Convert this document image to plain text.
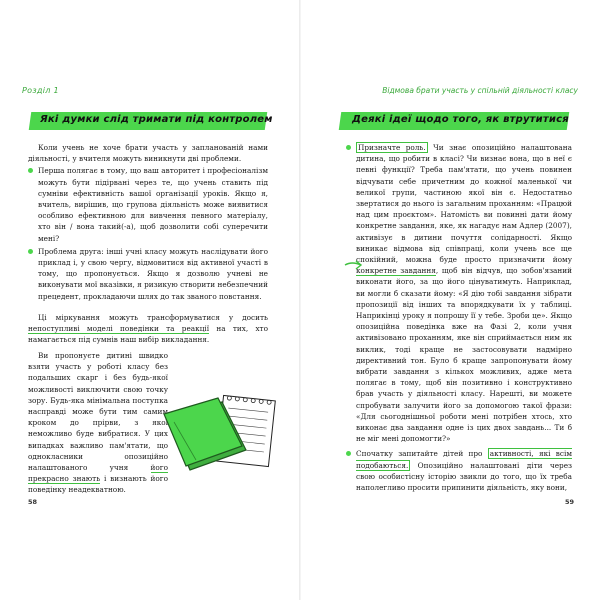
Розділ 1
Які думки слід тримати під контролем

Коли учень не хоче брати участь у запланованій нами діяльності, у вчителя можуть виникнути дві проблеми.

Перша полягає в тому, що ваш авторитет і професіоналізм можуть бути підірвані через те, що учень ставить під сумніви ефективність вашої організації уроків. Якщо я, вчитель, вирішив, що групова діяльність може виявитися особливо ефективною для вивчення певного матеріалу, хто він / вона такий(-а), щоб дозволити собі суперечити мені?

Проблема друга: інші учні класу можуть наслідувати його приклад і, у свою чергу, відмовитися від активної участі в тому, що пропонується. Якщо я дозволю учневі не виконувати мої вказівки, я ризикую створити небезпечний прецедент, прокладаючи шлях до так званого повстання.

Ці міркування можуть трансформуватися у досить непоступливі моделі поведінки та реакції на тих, хто намагається під сумнів наш вибір викладання.

Ви пропонуєте дитині швидко взяти участь у роботі класу без подальших скарг і без будь-якої можливості виключити свою точку зору. Будь-яка мінімальна поступка насправді може бути тим самим кроком до прірви, з якої неможливо буде вибратися. У цих випадках важливо пам'ятати, що однокласники опозиційно налаштованого учня його прекрасно знають і визнають його поведінку неадекватною.

58
Відмова брати участь у спільній діяльності класу
Деякі ідеї щодо того, як втрутитися

Призначте роль. Чи знає опозиційно налаштована дитина, що робити в класі? Чи визнає вона, що в неї є певні функції? Треба пам'ятати, що учень повинен відчувати себе причетним до кожної маленької чи великої групи, частиною якої він є. Недостатньо звертатися до нього із загальним проханням: «Працюй над цим проєктом». Натомість ви повинні дати йому конкретне завдання, яке, як нагадує нам Адлер (2007), активізує в дитини почуття солідарності. Якщо виникає відмова від співпраці, коли учень все ще спокійний, можна буде просто призначити йому конкретне завдання, щоб він відчув, що зобов'язаний виконати його, за що його цінуватимуть. Наприклад, ви могли б сказати йому: «Я дію тобі завдання зібрати пропозиції від інших та впорядкувати їх у таблиці. Наприкінці уроку я попрошу її у тебе. Зроби це». Якщо опозиційна поведінка вже на Фазі 2, коли учня активізовано проханням, яке він сприймається ним як виклик, тоді краще не застосовувати надмірно директивний тон. Було б краще запропонувати йому вибрати завдання з кількох можливих, адже мета полягає в тому, щоб він позитивно і конструктивно брав участь у діяльності класу. Нарешті, ви можете спробувати залучити його за допомогою такої фрази: «Для сьогоднішньої роботи мені потрібен хтось, хто виконає два завдання одне із цих двох завдань... Ти б не міг мені допомогти?»

Спочатку запитайте дітей про активності, які всім подобаються. Опозиційно налаштовані діти через свою особистісну історію звикли до того, що їх треба наполегливо просити припинити діяльність, яку вони,

59
